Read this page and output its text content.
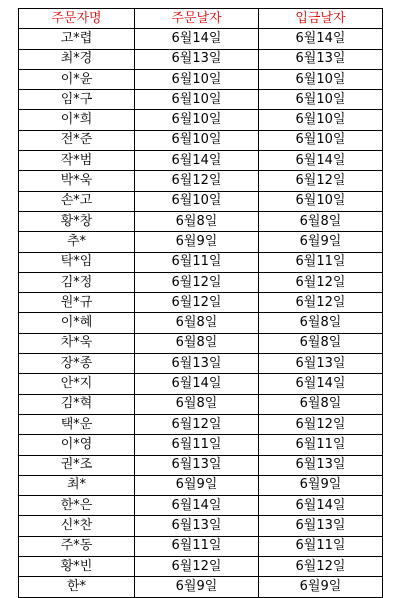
주문자명	주문날자	입금날자
고*렵	6월14일	6월14일
최*경	6월13일	6월13일
이*윤	6월10일	6월10일
임*구	6월10일	6월10일
이*희	6월10일	6월10일
전*준	6월10일	6월10일
작*범	6월14일	6월14일
박*욱	6월12일	6월12일
손*고	6월10일	6월10일
황*창	6월8일	6월8일
추*	6월9일	6월9일
탁*임	6월11일	6월11일
김*정	6월12일	6월12일
원*규	6월12일	6월12일
이*혜	6월8일	6월8일
차*욱	6월8일	6월8일
장*종	6월13일	6월13일
안*지	6월14일	6월14일
김*혁	6월8일	6월8일
택*운	6월12일	6월12일
이*영	6월11일	6월11일
권*조	6월13일	6월13일
최*	6월9일	6월9일
한*은	6월14일	6월14일
신*찬	6월13일	6월13일
주*동	6월11일	6월11일
황*빈	6월12일	6월12일
한*	6월9일	6월9일
